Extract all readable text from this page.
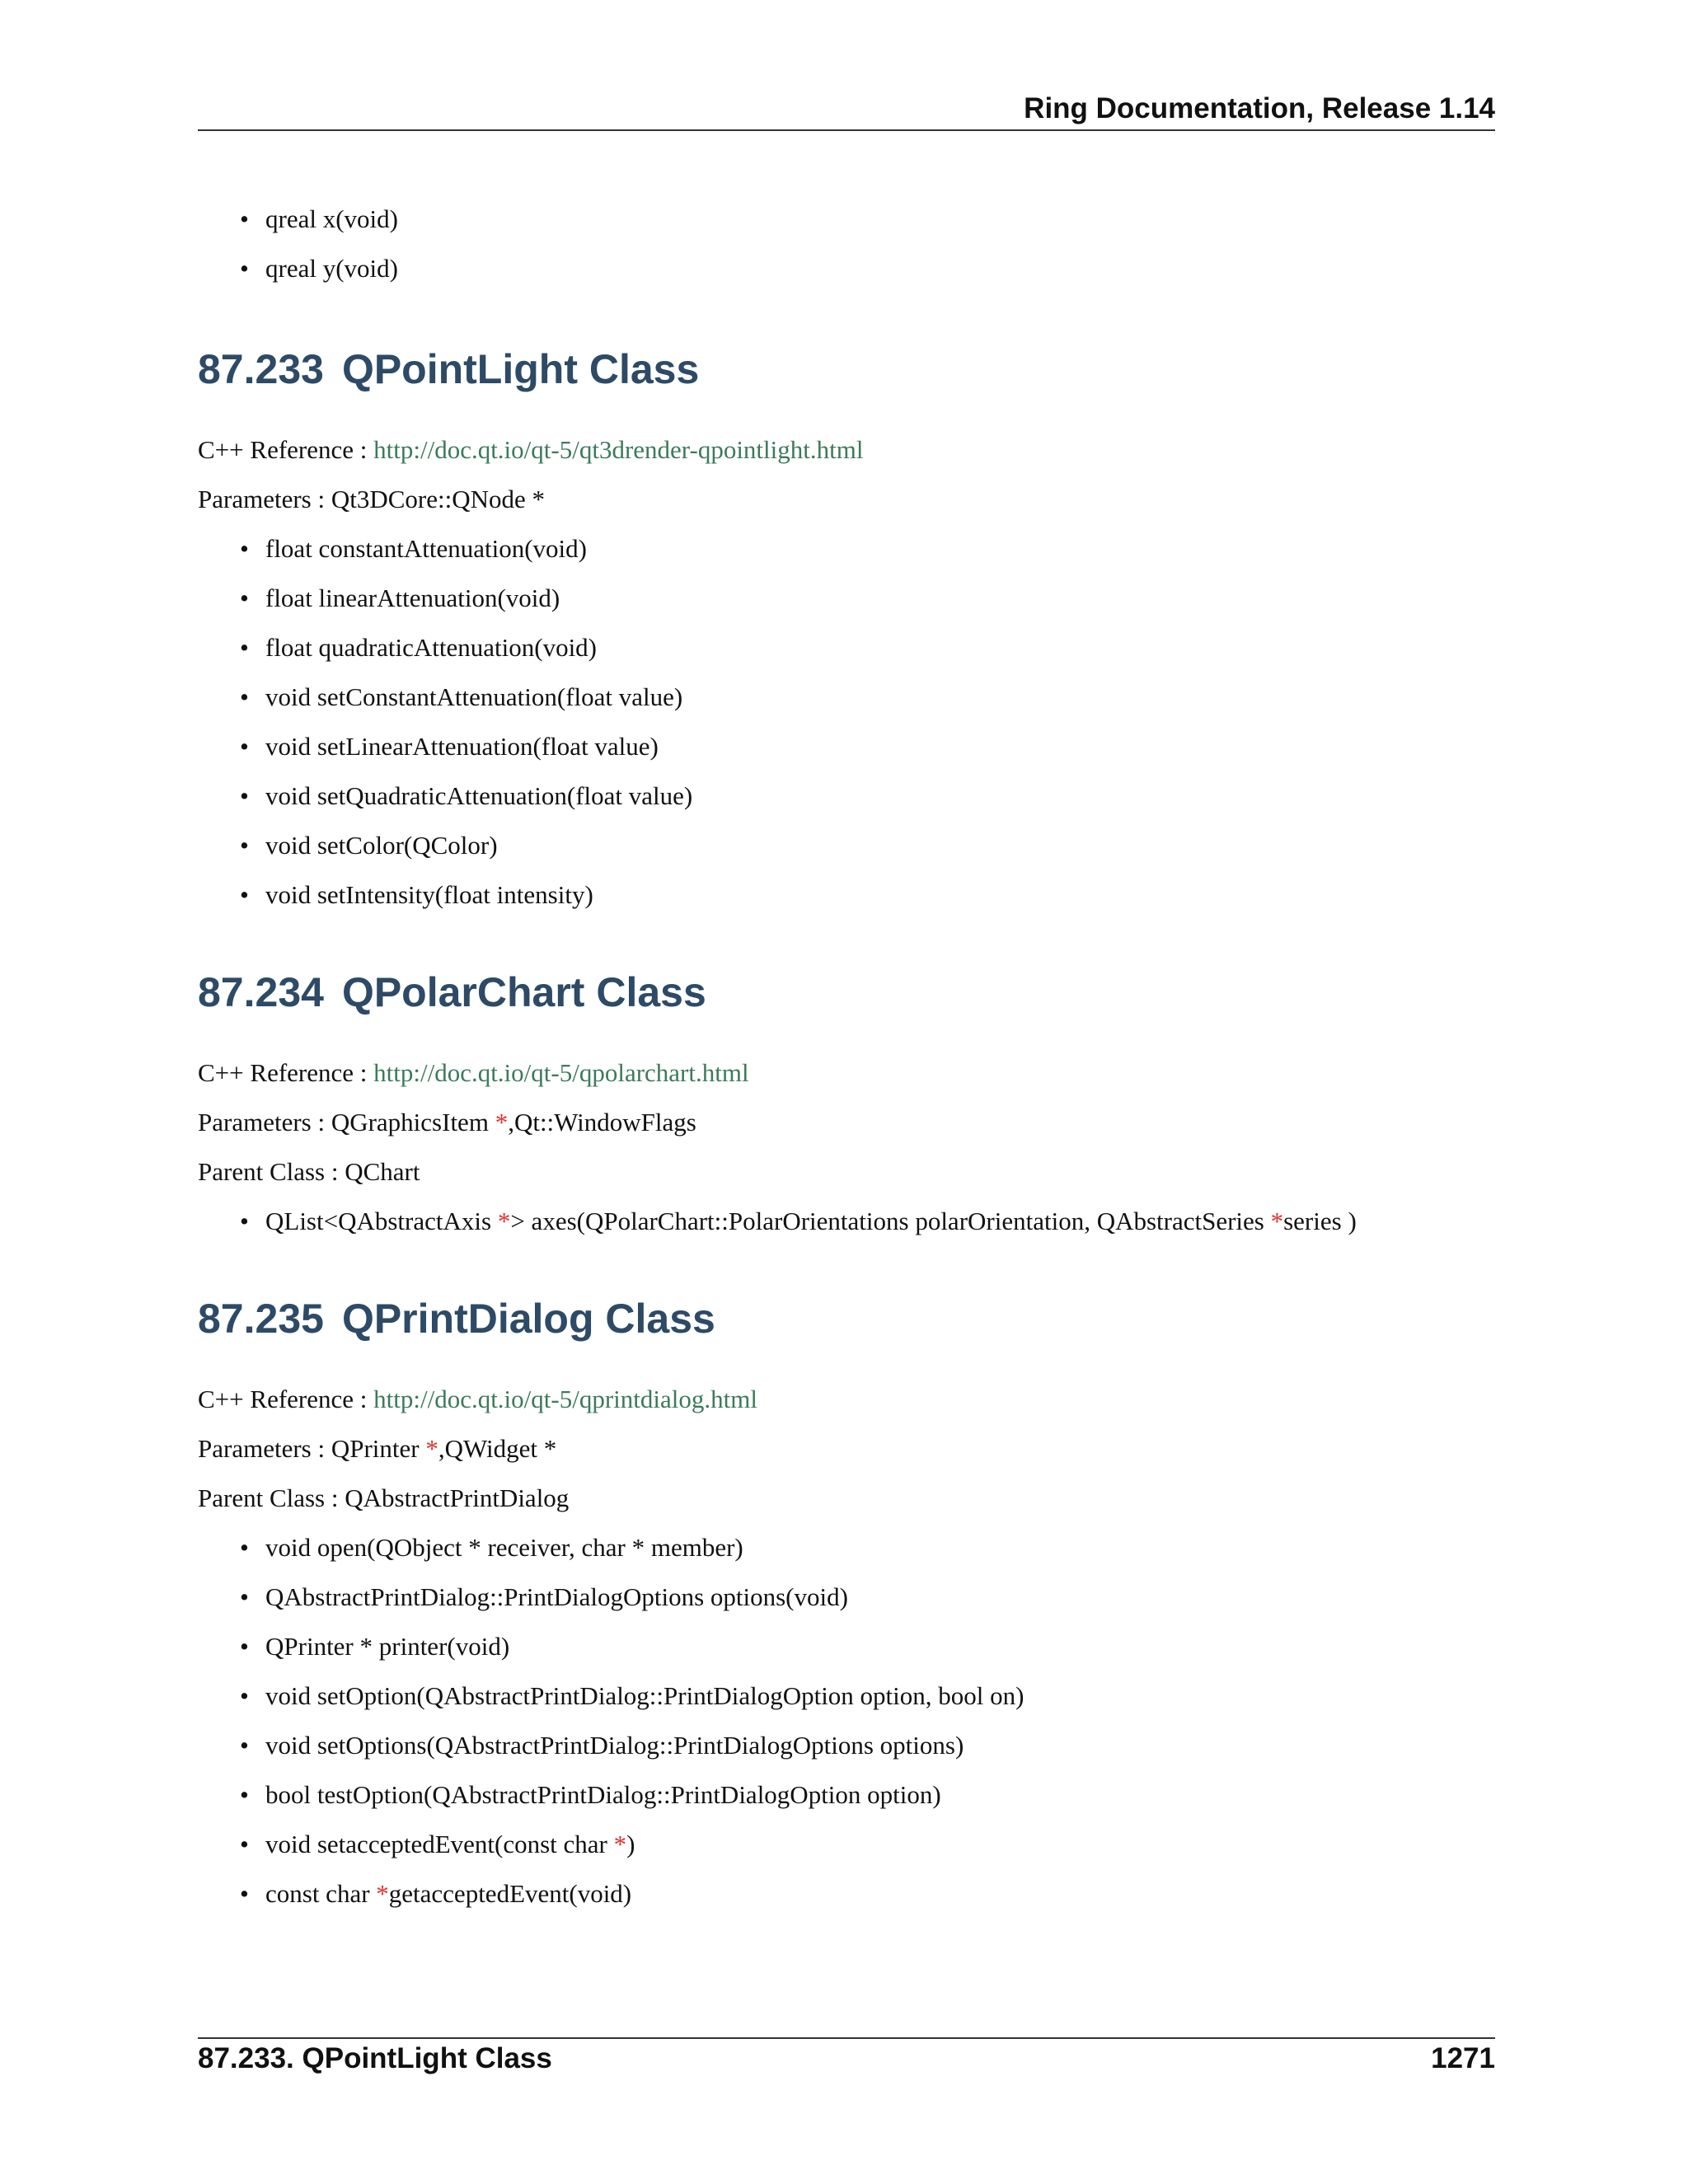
Ring Documentation, Release 1.14
• qreal x(void)
• qreal y(void)
87.233 QPointLight Class
C++ Reference : http://doc.qt.io/qt-5/qt3drender-qpointlight.html
Parameters : Qt3DCore::QNode *
• float constantAttenuation(void)
• float linearAttenuation(void)
• float quadraticAttenuation(void)
• void setConstantAttenuation(float value)
• void setLinearAttenuation(float value)
• void setQuadraticAttenuation(float value)
• void setColor(QColor)
• void setIntensity(float intensity)
87.234 QPolarChart Class
C++ Reference : http://doc.qt.io/qt-5/qpolarchart.html
Parameters : QGraphicsItem *,Qt::WindowFlags
Parent Class : QChart
• QList<QAbstractAxis *> axes(QPolarChart::PolarOrientations polarOrientation, QAbstractSeries *series )
87.235 QPrintDialog Class
C++ Reference : http://doc.qt.io/qt-5/qprintdialog.html
Parameters : QPrinter *,QWidget *
Parent Class : QAbstractPrintDialog
• void open(QObject * receiver, char * member)
• QAbstractPrintDialog::PrintDialogOptions options(void)
• QPrinter * printer(void)
• void setOption(QAbstractPrintDialog::PrintDialogOption option, bool on)
• void setOptions(QAbstractPrintDialog::PrintDialogOptions options)
• bool testOption(QAbstractPrintDialog::PrintDialogOption option)
• void setacceptedEvent(const char *)
• const char *getacceptedEvent(void)
87.233. QPointLight Class	1271
